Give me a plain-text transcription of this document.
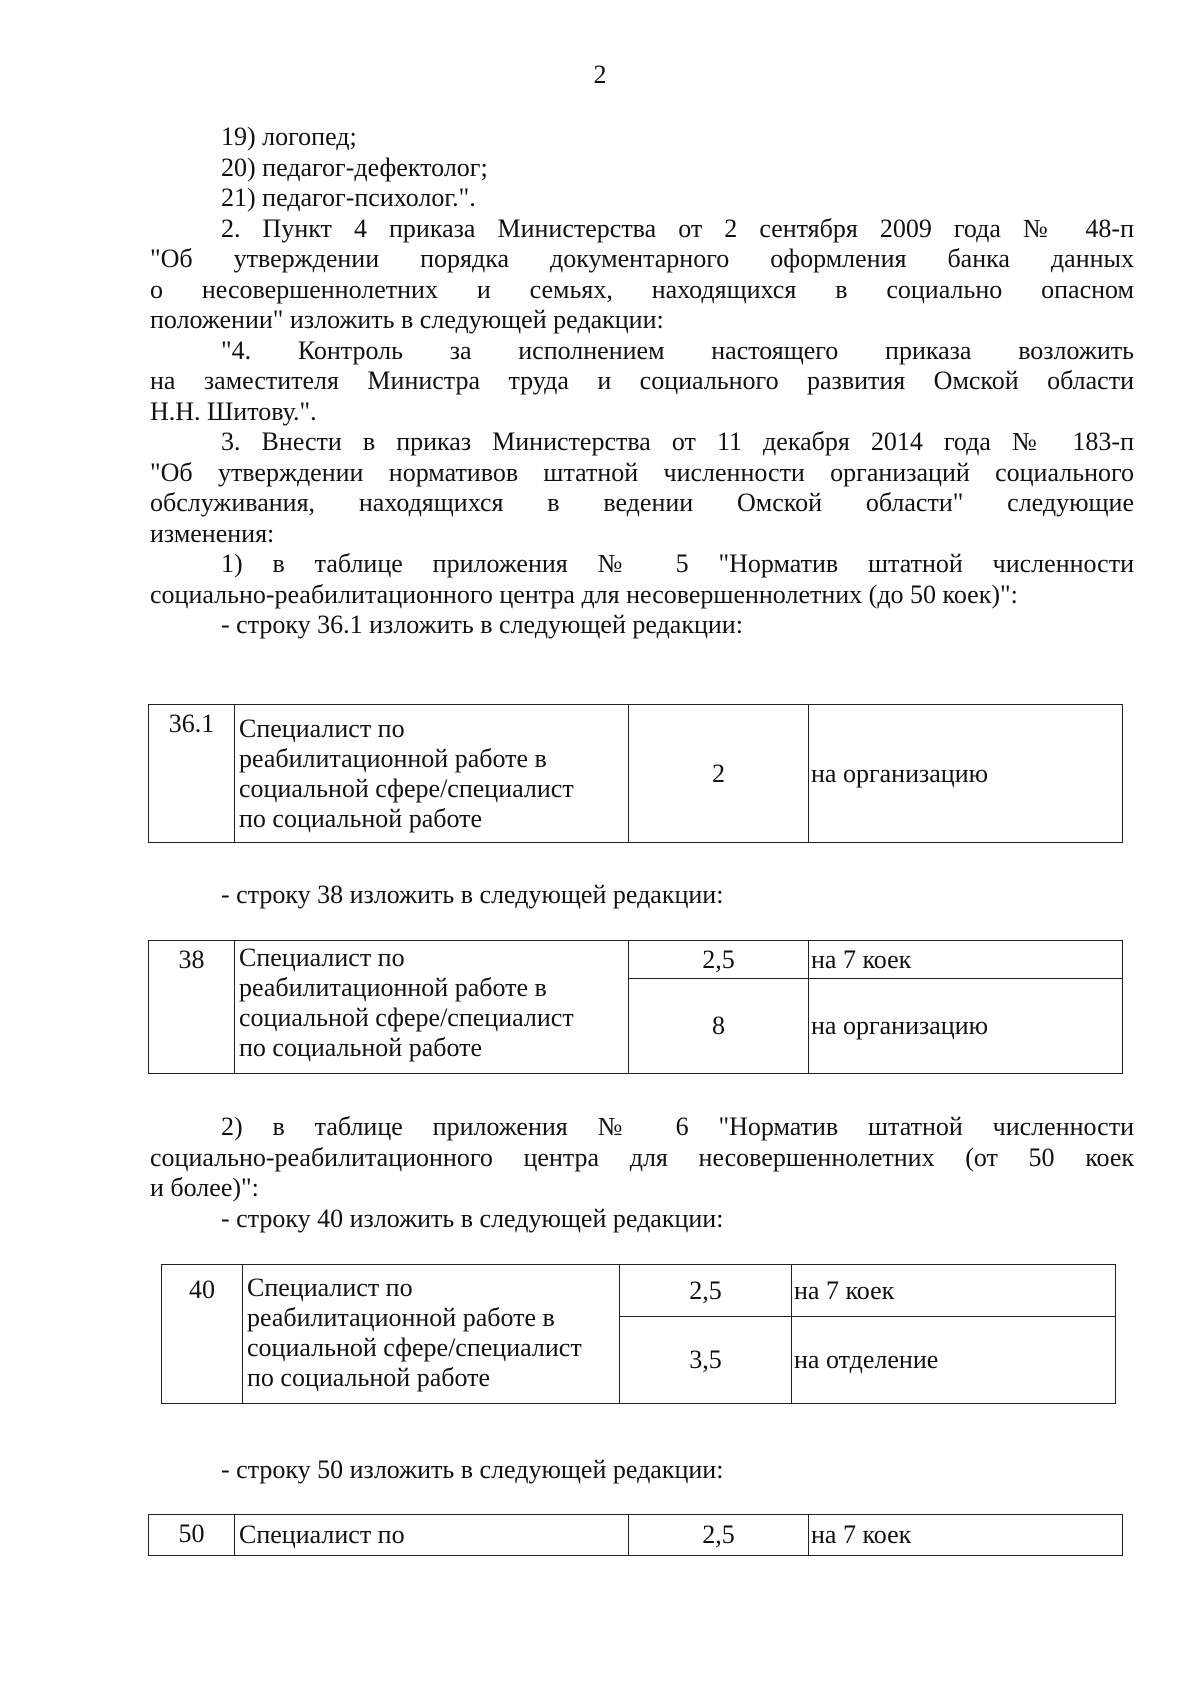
2
19) логопед;
20) педагог-дефектолог;
21) педагог-психолог.".
2. Пункт 4 приказа Министерства от 2 сентября 2009 года № 48-п
"Об утверждении порядка документарного оформления банка данных
о несовершеннолетних и семьях, находящихся в социально опасном
положении" изложить в следующей редакции:
"4. Контроль за исполнением настоящего приказа возложить
на заместителя Министра труда и социального развития Омской области
Н.Н. Шитову.".
3. Внести в приказ Министерства от 11 декабря 2014 года № 183-п
"Об утверждении нормативов штатной численности организаций социального
обслуживания, находящихся в ведении Омской области" следующие
изменения:
1) в таблице приложения № 5 "Норматив штатной численности
социально-реабилитационного центра для несовершеннолетних (до 50 коек)":
- строку 36.1 изложить в следующей редакции:
36.1	Специалист по
реабилитационной работе в
социальной сфере/специалист
по социальной работе
	2	на организацию
- строку 38 изложить в следующей редакции:
38	Специалист по
реабилитационной работе в
социальной сфере/специалист
по социальной работе	2,5	на 7 коек
		8	на организацию
2) в таблице приложения № 6 "Норматив штатной численности
социально-реабилитационного центра для несовершеннолетних (от 50 коек
и более)":
- строку 40 изложить в следующей редакции:
40	Специалист по
реабилитационной работе в
социальной сфере/специалист
по социальной работе	2,5	на 7 коек
		3,5	на отделение
- строку 50 изложить в следующей редакции:
50	Специалист по	2,5	на 7 коек
